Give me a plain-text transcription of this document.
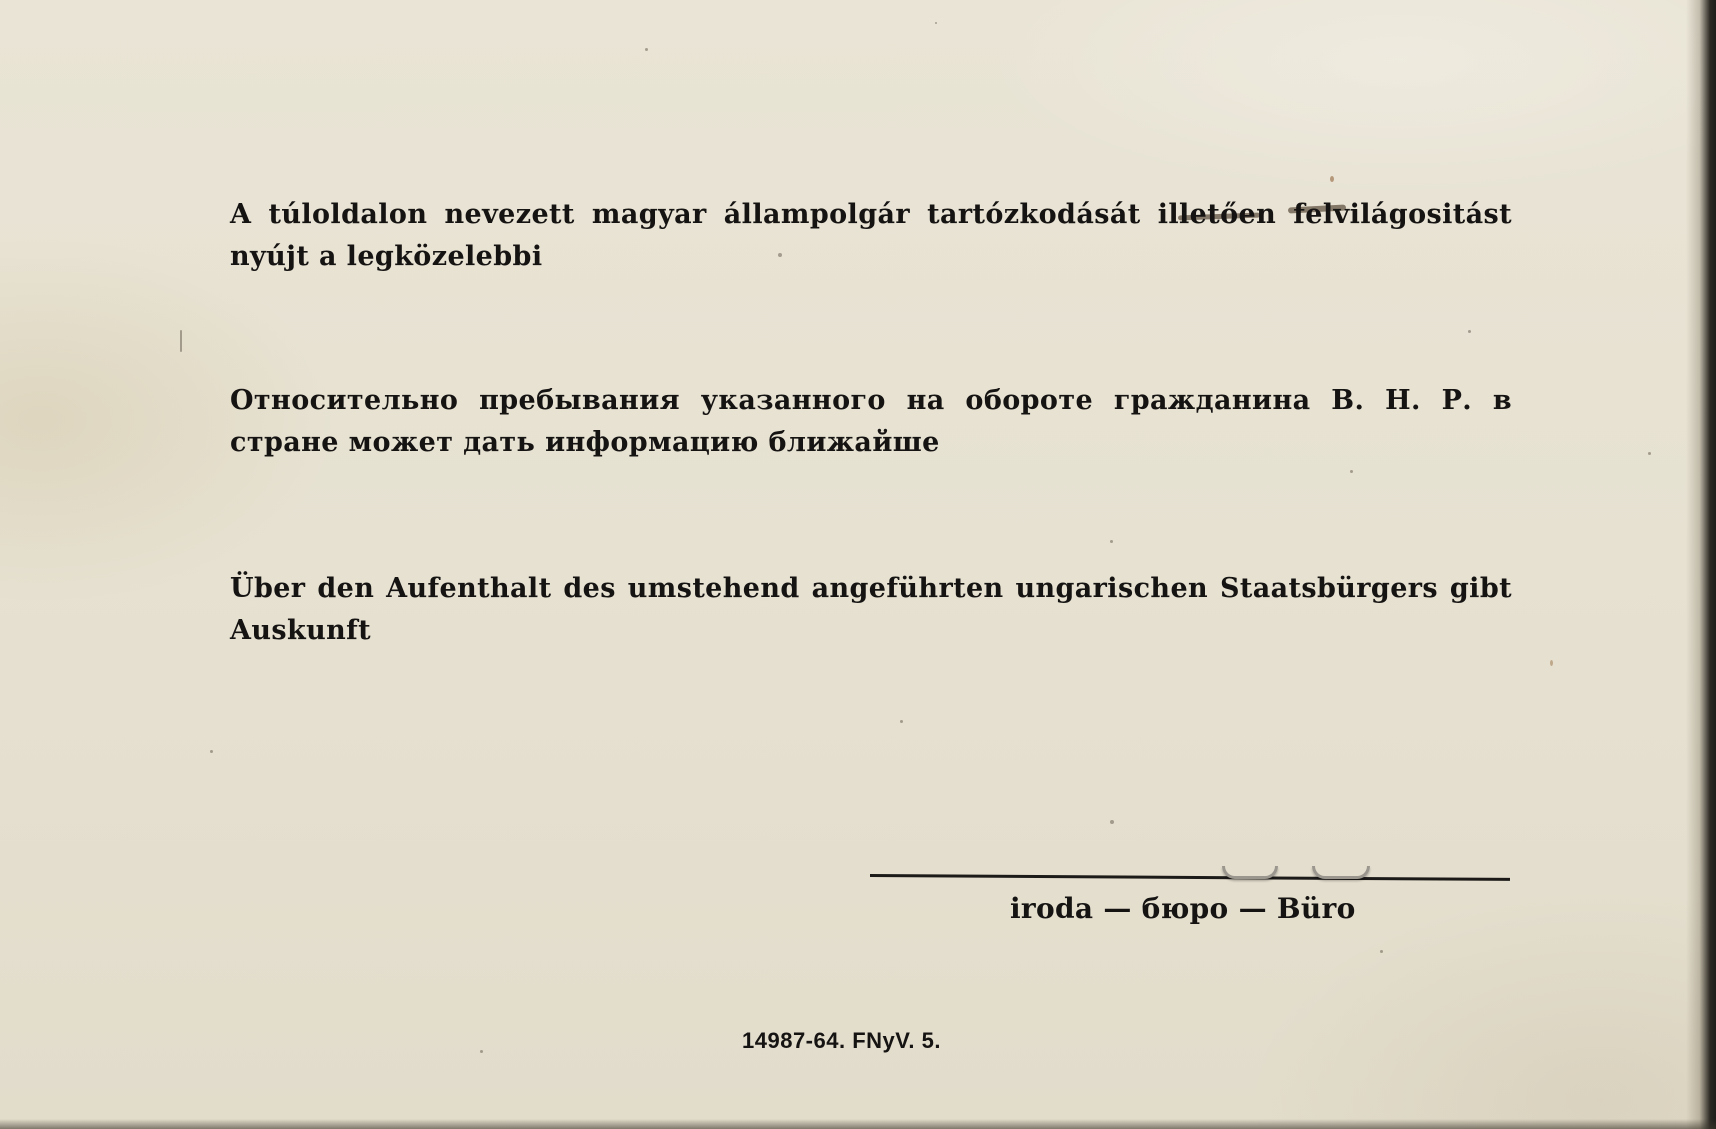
A túloldalon nevezett magyar állampolgár tartózkodását illetően felvilágositást nyújt a legközelebbi

Относительно пребывания указанного на обороте гражданина В. Н. Р. в стране может дать информацию ближайше

Über den Aufenthalt des umstehend angeführten ungarischen Staatsbürgers gibt Auskunft

iroda — бюро — Büro
14987-64. FNyV. 5.
